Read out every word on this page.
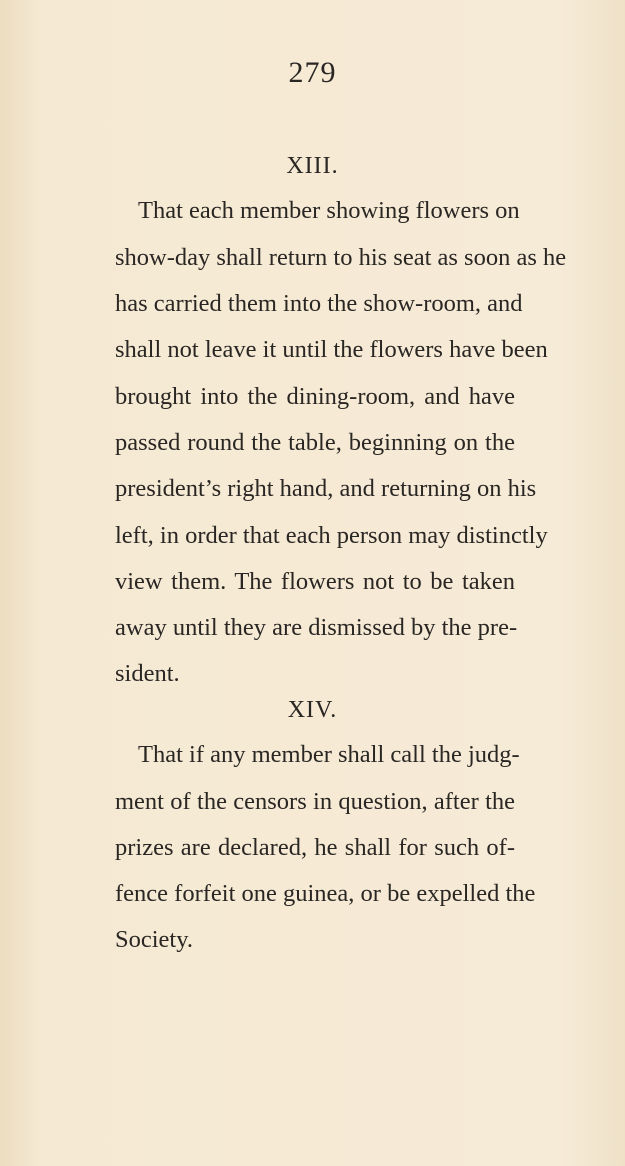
279
XIII.
That each member showing flowers on
show-day shall return to his seat as soon as he
has carried them into the show-room, and
shall not leave it until the flowers have been
brought into the dining-room, and have
passed round the table, beginning on the
president’s right hand, and returning on his
left, in order that each person may distinctly
view them. The flowers not to be taken
away until they are dismissed by the pre-
sident.
XIV.
That if any member shall call the judg-
ment of the censors in question, after the
prizes are declared, he shall for such of-
fence forfeit one guinea, or be expelled the
Society.
